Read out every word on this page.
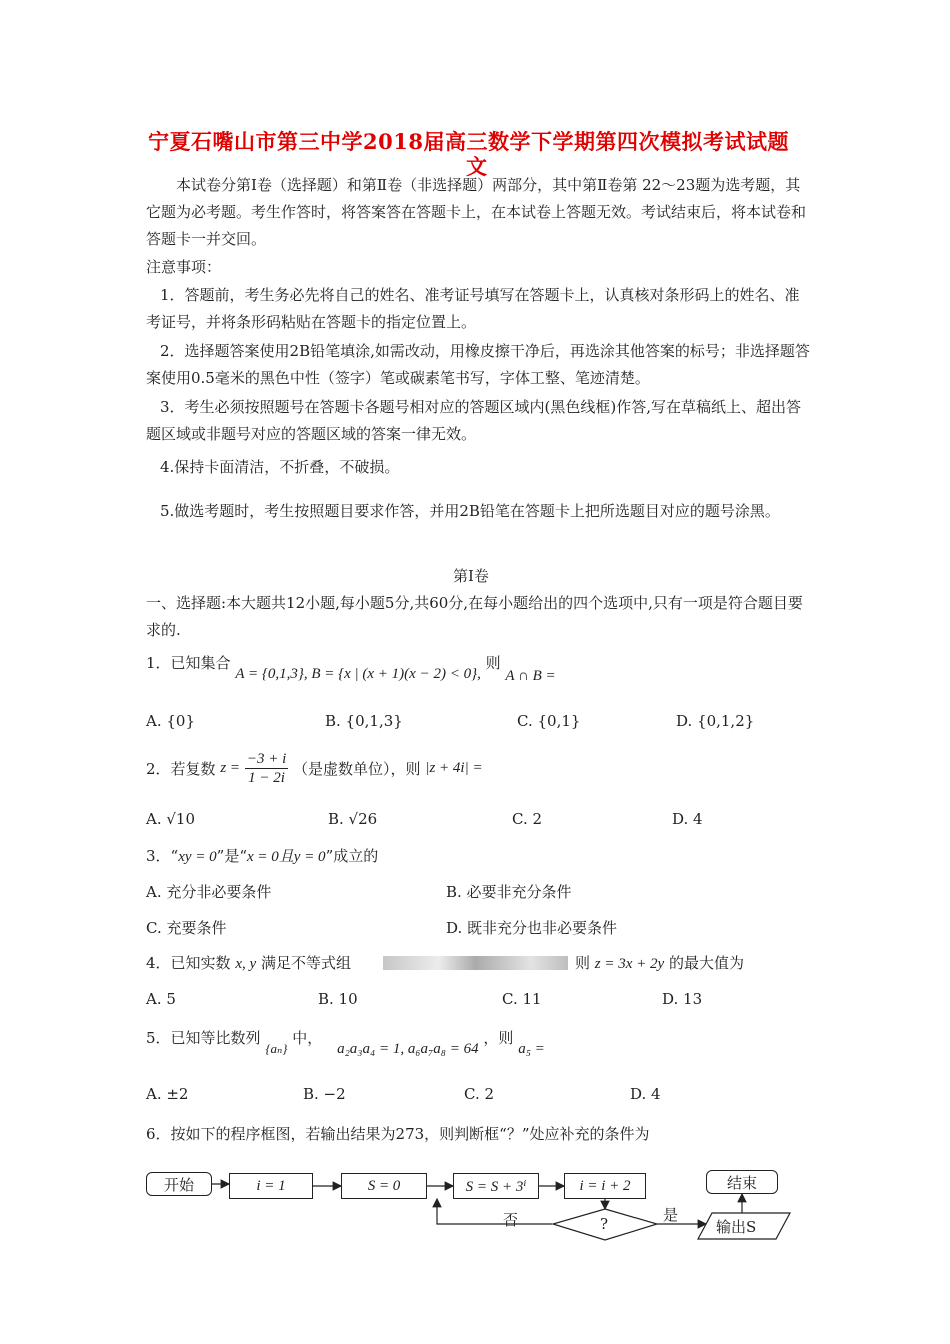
宁夏石嘴山市第三中学2018届高三数学下学期第四次模拟考试试题
文
本试卷分第Ⅰ卷（选择题）和第Ⅱ卷（非选择题）两部分，其中第Ⅱ卷第 22～23题为选考题，其它题为必考题。考生作答时，将答案答在答题卡上，在本试卷上答题无效。考试结束后，将本试卷和答题卡一并交回。
注意事项：
1．答题前，考生务必先将自己的姓名、准考证号填写在答题卡上，认真核对条形码上的姓名、准考证号，并将条形码粘贴在答题卡的指定位置上。
2．选择题答案使用2B铅笔填涂,如需改动，用橡皮擦干净后，再选涂其他答案的标号；非选择题答案使用0.5毫米的黑色中性（签字）笔或碳素笔书写，字体工整、笔迹清楚。
3．考生必须按照题号在答题卡各题号相对应的答题区域内(黑色线框)作答,写在草稿纸上、超出答题区域或非题号对应的答题区域的答案一律无效。
4.保持卡面清洁，不折叠，不破损。
5.做选考题时，考生按照题目要求作答，并用2B铅笔在答题卡上把所选题目对应的题号涂黑。
第Ⅰ卷
一、选择题:本大题共12小题,每小题5分,共60分,在每小题给出的四个选项中,只有一项是符合题目要求的.
1．已知集合 A = {0,1,3}, B = {x | (x + 1)(x − 2) < 0}, 则 A ∩ B =
A. {0}	B. {0,1,3}	C. {0,1}	D. {0,1,2}
2．若复数 $z = \frac{-3 + i}{1 - 2i}$ （是虚数单位），则 |z + 4i| =
A. √10	B. √26	C. 2	D. 4
3．“xy = 0”是“x = 0且y = 0”成立的
A. 充分非必要条件	B. 必要非充分条件
C. 充要条件	D. 既非充分也非必要条件
4．已知实数 x, y 满足不等式组	则 z = 3x + 2y 的最大值为
A. 5	B. 10	C. 11	D. 13
5．已知等比数列 {aₙ} 中， a₂a₃a₄ = 1, a₆a₇a₈ = 64 ，则 a₅ =
A. ±2	B. −2	C. 2	D. 4
6．按如下的程序框图，若输出结果为273，则判断框“？”处应补充的条件为
开始	i = 1	S = 0	S = S + 3ⁱ	i = i + 2
?
否	是
输出S
结束
